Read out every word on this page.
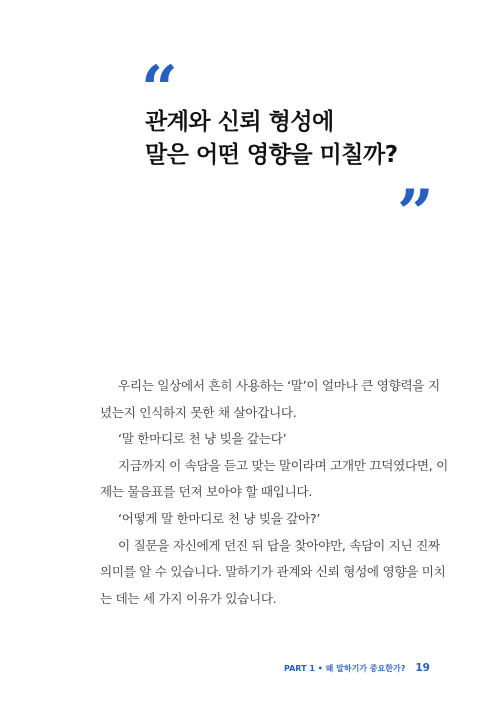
“
관계와 신뢰 형성에
말은 어떤 영향을 미칠까?
”
우리는 일상에서 흔히 사용하는 ‘말’이 얼마나 큰 영향력을 지
녔는지 인식하지 못한 채 살아갑니다.
‘말 한마디로 천 냥 빚을 갚는다’
지금까지 이 속담을 듣고 맞는 말이라며 고개만 끄덕였다면, 이
제는 물음표를 던져 보아야 할 때입니다.
‘어떻게 말 한마디로 천 냥 빚을 갚아?’
이 질문을 자신에게 던진 뒤 답을 찾아야만, 속담이 지닌 진짜
의미를 알 수 있습니다. 말하기가 관계와 신뢰 형성에 영향을 미치
는 데는 세 가지 이유가 있습니다.
PART 1 • 왜 말하기가 중요한가? 19
